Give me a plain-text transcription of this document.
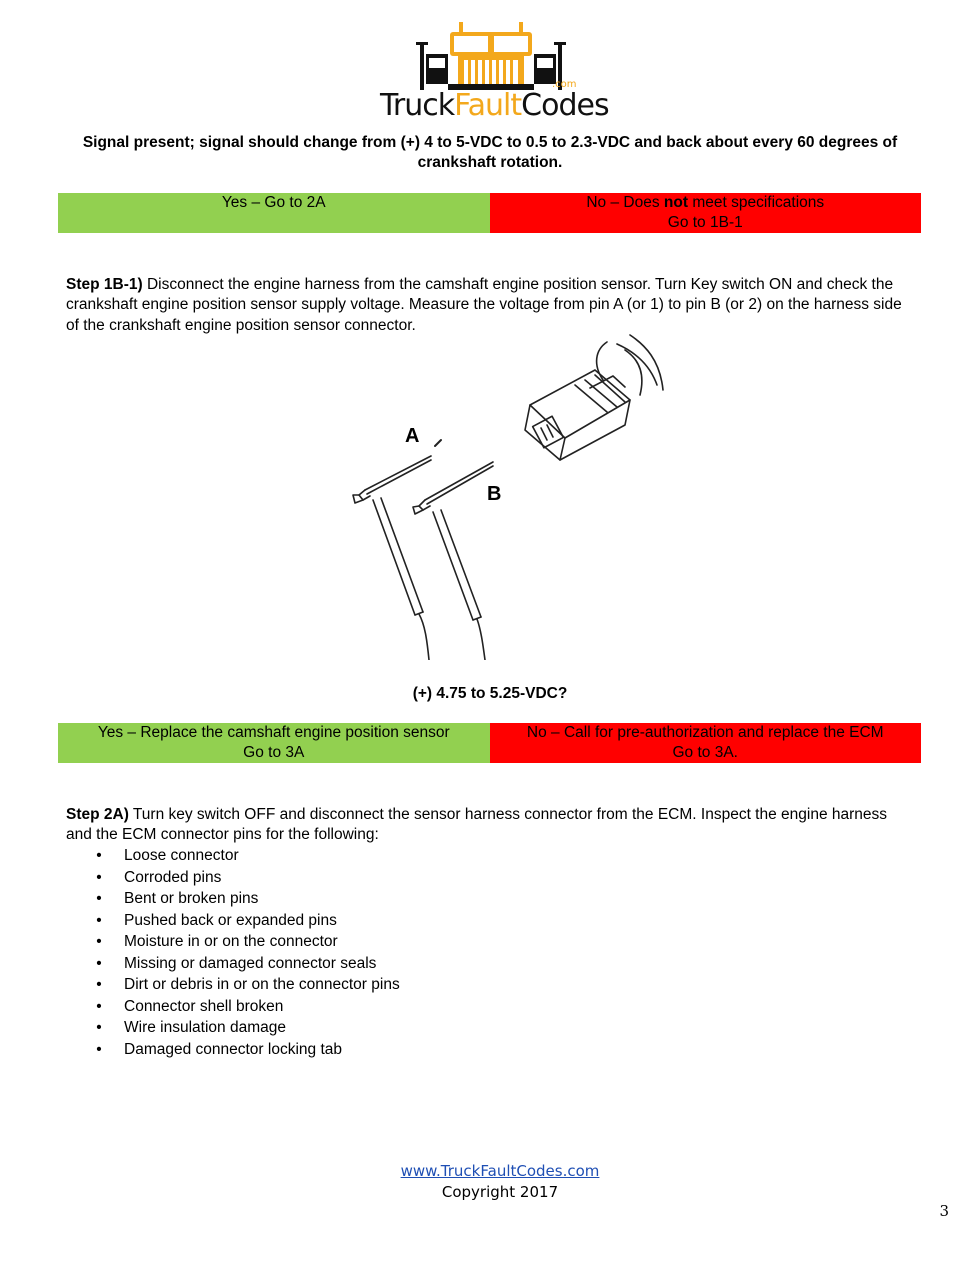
.com
TruckFaultCodes
Signal present; signal should change from (+) 4 to 5-VDC to 0.5 to 2.3-VDC and back about every 60 degrees of crankshaft rotation.
Yes – Go to 2A	No – Does not meet specifications
Go to 1B-1
Step 1B-1) Disconnect the engine harness from the camshaft engine position sensor. Turn Key switch ON and check the crankshaft engine position sensor supply voltage. Measure the voltage from pin A (or 1) to pin B (or 2) on the harness side of the crankshaft engine position sensor connector.
A
B
(+) 4.75 to 5.25-VDC?
Yes – Replace the camshaft engine position sensor
Go to 3A
No – Call for pre-authorization and replace the ECM
Go to 3A.
Step 2A) Turn key switch OFF and disconnect the sensor harness connector from the ECM. Inspect the engine harness and the ECM connector pins for the following:
• Loose connector
• Corroded pins
• Bent or broken pins
• Pushed back or expanded pins
• Moisture in or on the connector
• Missing or damaged connector seals
• Dirt or debris in or on the connector pins
• Connector shell broken
• Wire insulation damage
• Damaged connector locking tab
www.TruckFaultCodes.com
Copyright 2017
3
